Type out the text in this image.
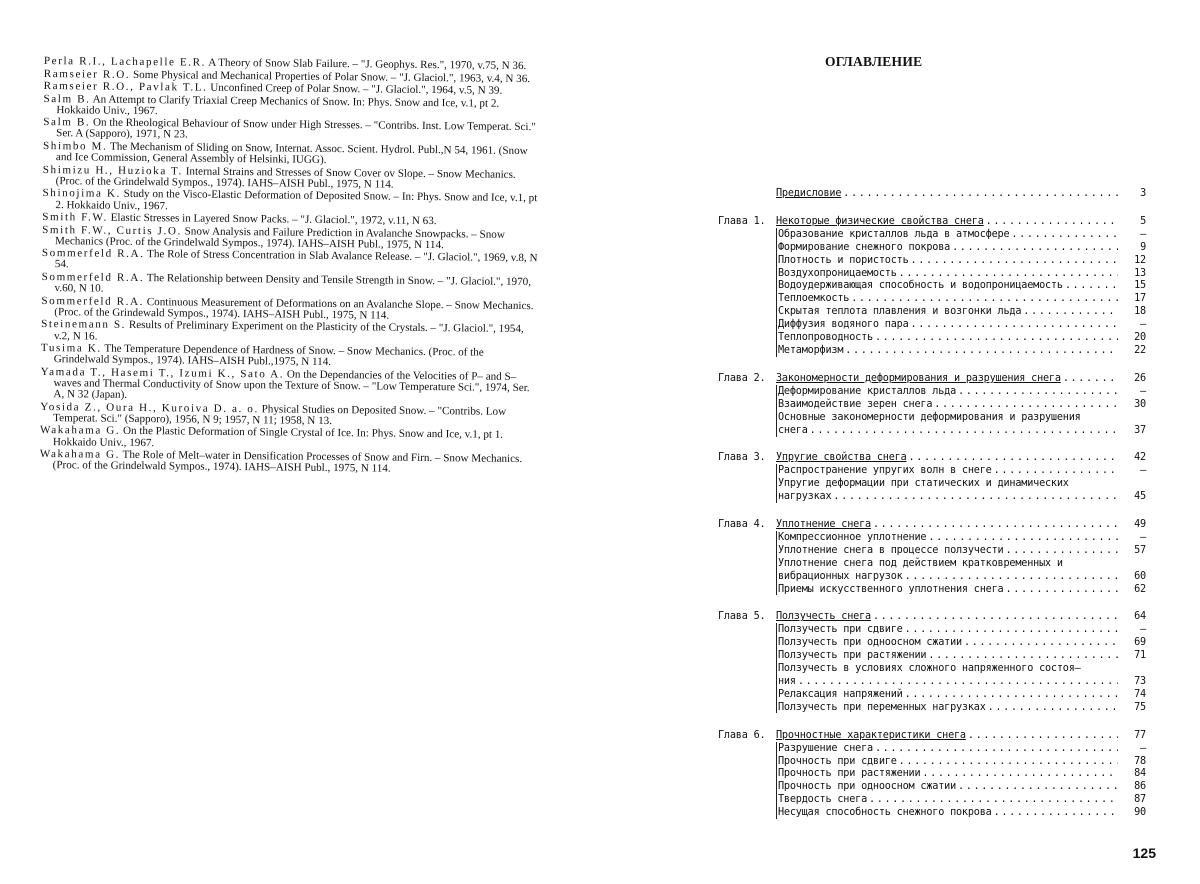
Perla R.I., Lachapelle E.R. A Theory of Snow Slab Failure. – "J. Geophys. Res.", 1970, v.75, N 36.
Ramseier R.O. Some Physical and Mechanical Properties of Polar Snow. – "J. Glaciol.", 1963, v.4, N 36.
Ramseier R.O., Pavlak T.L. Unconfined Creep of Polar Snow. – "J. Glaciol.", 1964, v.5, N 39.
Salm B. An Attempt to Clarify Triaxial Creep Mechanics of Snow. In: Phys. Snow and Ice, v.1, pt 2. Hokkaido Univ., 1967.
Salm B. On the Rheological Behaviour of Snow under High Stresses. – "Contribs. Inst. Low Temperat. Sci." Ser. A (Sapporo), 1971, N 23.
Shimbo M. The Mechanism of Sliding on Snow, Internat. Assoc. Scient. Hydrol. Publ.,N 54, 1961. (Snow and Ice Commission, General Assembly of Helsinki, IUGG).
Shimizu H., Huzioka T. Internal Strains and Stresses of Snow Cover ov Slope. – Snow Mechanics. (Proc. of the Grindelwald Sympos., 1974). IAHS–AISH Publ., 1975, N 114.
Shinojima K. Study on the Visco-Elastic Deformation of Deposited Snow. – In: Phys. Snow and Ice, v.1, pt 2. Hokkaido Univ., 1967.
Smith F.W. Elastic Stresses in Layered Snow Packs. – "J. Glaciol.", 1972, v.11, N 63.
Smith F.W., Curtis J.O. Snow Analysis and Failure Prediction in Avalanche Snowpacks. – Snow Mechanics (Proc. of the Grindelwald Sympos., 1974). IAHS–AISH Publ., 1975, N 114.
Sommerfeld R.A. The Role of Stress Concentration in Slab Avalance Release. – "J. Glaciol.", 1969, v.8, N 54.
Sommerfeld R.A. The Relationship between Density and Tensile Strength in Snow. – "J. Glaciol.", 1970, v.60, N 10.
Sommerfeld R.A. Continuous Measurement of Deformations on an Avalanche Slope. – Snow Mechanics. (Proc. of the Grindewald Sympos., 1974). IAHS–AISH Publ., 1975, N 114.
Steinemann S. Results of Preliminary Experiment on the Plasticity of the Crystals. – "J. Glaciol.", 1954, v.2, N 16.
Tusima K. The Temperature Dependence of Hardness of Snow. – Snow Mechanics. (Proc. of the Grindelwald Sympos., 1974). IAHS–AISH Publ.,1975, N 114.
Yamada T., Hasemi T., Izumi K., Sato A. On the Dependancies of the Velocities of P– and S–waves and Thermal Conductivity of Snow upon the Texture of Snow. – "Low Temperature Sci.", 1974, Ser. A, N 32 (Japan).
Yosida Z., Oura H., Kuroiva D. a. o. Physical Studies on Deposited Snow. – "Contribs. Low Temperat. Sci." (Sapporo), 1956, N 9; 1957, N 11; 1958, N 13.
Wakahama G. On the Plastic Deformation of Single Crystal of Ice. In: Phys. Snow and Ice, v.1, pt 1. Hokkaido Univ., 1967.
Wakahama G. The Role of Melt–water in Densification Processes of Snow and Firn. – Snow Mechanics. (Proc. of the Grindelwald Sympos., 1974). IAHS–AISH Publ., 1975, N 114.
ОГЛАВЛЕНИЕ
Предисловие .....	3
Глава 1. Некоторые физические свойства снега .....	5
Образование кристаллов льда в атмосфере .....	–
Формирование снежного покрова .....	9
Плотность и пористость .....	12
Воздухопроницаемость .....	13
Водоудерживающая способность и водопроницаемость .....	15
Теплоемкость .....	17
Скрытая теплота плавления и возгонки льда .....	18
Диффузия водяного пара .....	–
Теплопроводность .....	20
Метаморфизм .....	22
Глава 2. Закономерности деформирования и разрушения снега .....	26
Деформирование кристаллов льда .....	–
Взаимодействие зерен снега .....	30
Основные закономерности деформирования и разрушения
снега .....	37
Глава 3. Упругие свойства снега .....	42
Распространение упругих волн в снеге .....	–
Упругие деформации при статических и динамических
нагрузках .....	45
Глава 4. Уплотнение снега .....	49
Компрессионное уплотнение .....	–
Уплотнение снега в процессе ползучести .....	57
Уплотнение снега под действием кратковременных и
вибрационных нагрузок .....	60
Приемы искусственного уплотнения снега .....	62
Глава 5. Ползучесть снега .....	64
Ползучесть при сдвиге .....	–
Ползучесть при одноосном сжатии .....	69
Ползучесть при растяжении .....	71
Ползучесть в условиях сложного напряженного состоя–
ния .....	73
Релаксация напряжений .....	74
Ползучесть при переменных нагрузках .....	75
Глава 6. Прочностные характеристики снега .....	77
Разрушение снега .....	–
Прочность при сдвиге .....	78
Прочность при растяжении .....	84
Прочность при одноосном сжатии .....	86
Твердость снега .....	87
Несущая способность снежного покрова .....	90
125
